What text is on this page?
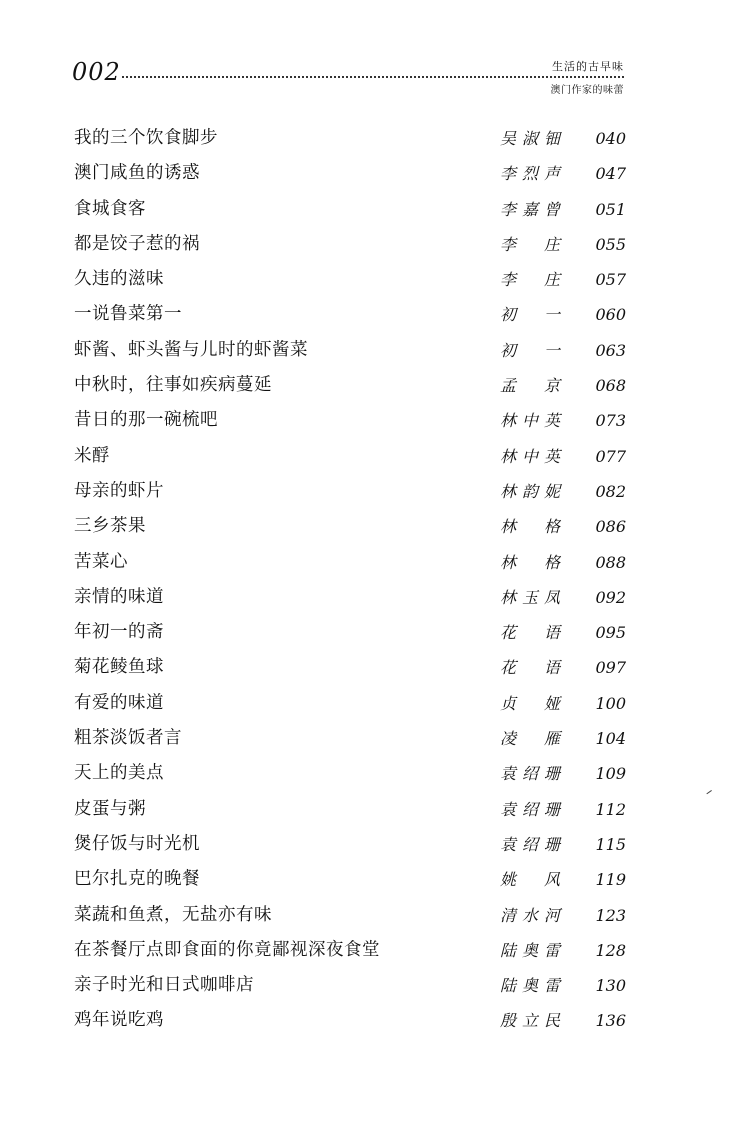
002	生活的古早味
澳门作家的味蕾
我的三个饮食脚步	吴 淑 钿	040
澳门咸鱼的诱惑	李 烈 声	047
食城食客	李 嘉 曾	051
都是饺子惹的祸	李 庄	055
久违的滋味	李 庄	057
一说鲁菜第一	初 一	060
虾酱、虾头酱与儿时的虾酱菜	初 一	063
中秋时，往事如疾病蔓延	孟 京	068
昔日的那一碗梳吧	林 中 英	073
米酻	林 中 英	077
母亲的虾片	林 韵 妮	082
三乡茶果	林 格	086
苦菜心	林 格	088
亲情的味道	林 玉 凤	092
年初一的斋	花 语	095
菊花鲮鱼球	花 语	097
有爱的味道	贞 娅	100
粗茶淡饭者言	凌 雁	104
天上的美点	袁 绍 珊	109
皮蛋与粥	袁 绍 珊	112
煲仔饭与时光机	袁 绍 珊	115
巴尔扎克的晚餐	姚 风	119
菜蔬和鱼煮，无盐亦有味	清 水 河	123
在茶餐厅点即食面的你竟鄙视深夜食堂	陆 奥 雷	128
亲子时光和日式咖啡店	陆 奥 雷	130
鸡年说吃鸡	殷 立 民	136
